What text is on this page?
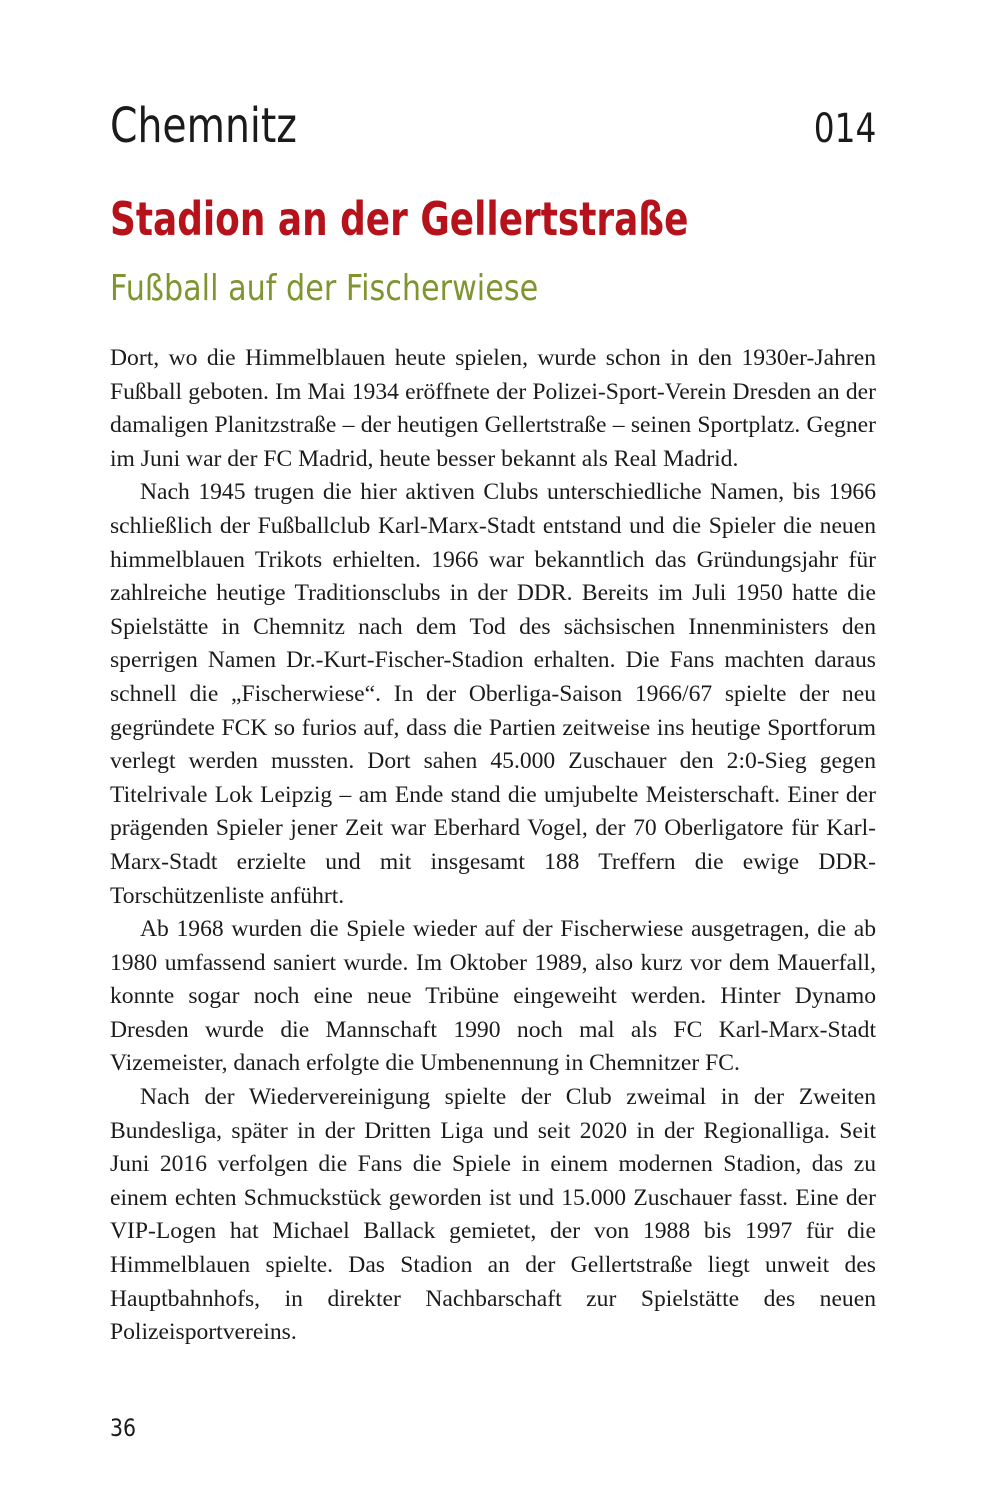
Chemnitz	014
Stadion an der Gellertstraße
Fußball auf der Fischerwiese

Dort, wo die Himmelblauen heute spielen, wurde schon in den 1930er-Jahren Fußball geboten. Im Mai 1934 eröffnete der Polizei-Sport-Verein Dresden an der damaligen Planitzstraße – der heutigen Gellertstraße – seinen Sportplatz. Gegner im Juni war der FC Madrid, heute besser bekannt als Real Madrid.

Nach 1945 trugen die hier aktiven Clubs unterschiedliche Namen, bis 1966 schließlich der Fußballclub Karl-Marx-Stadt entstand und die Spieler die neuen himmelblauen Trikots erhielten. 1966 war bekanntlich das Gründungsjahr für zahlreiche heutige Traditionsclubs in der DDR. Bereits im Juli 1950 hatte die Spielstätte in Chemnitz nach dem Tod des sächsischen Innenministers den sperrigen Namen Dr.-Kurt-Fischer-Stadion erhalten. Die Fans machten daraus schnell die „Fischerwiese“. In der Oberliga-Saison 1966/67 spielte der neu gegründete FCK so furios auf, dass die Partien zeitweise ins heutige Sportforum verlegt werden mussten. Dort sahen 45.000 Zuschauer den 2:0-Sieg gegen Titelrivale Lok Leipzig – am Ende stand die umjubelte Meisterschaft. Einer der prägenden Spieler jener Zeit war Eberhard Vogel, der 70 Oberligatore für Karl-Marx-Stadt erzielte und mit insgesamt 188 Treffern die ewige DDR-Torschützenliste anführt.

Ab 1968 wurden die Spiele wieder auf der Fischerwiese ausgetragen, die ab 1980 umfassend saniert wurde. Im Oktober 1989, also kurz vor dem Mauerfall, konnte sogar noch eine neue Tribüne eingeweiht werden. Hinter Dynamo Dresden wurde die Mannschaft 1990 noch mal als FC Karl-Marx-Stadt Vizemeister, danach erfolgte die Umbenennung in Chemnitzer FC.

Nach der Wiedervereinigung spielte der Club zweimal in der Zweiten Bundesliga, später in der Dritten Liga und seit 2020 in der Regionalliga. Seit Juni 2016 verfolgen die Fans die Spiele in einem modernen Stadion, das zu einem echten Schmuckstück geworden ist und 15.000 Zuschauer fasst. Eine der VIP-Logen hat Michael Ballack gemietet, der von 1988 bis 1997 für die Himmelblauen spielte. Das Stadion an der Gellertstraße liegt unweit des Hauptbahnhofs, in direkter Nachbarschaft zur Spielstätte des neuen Polizeisportvereins.

36
